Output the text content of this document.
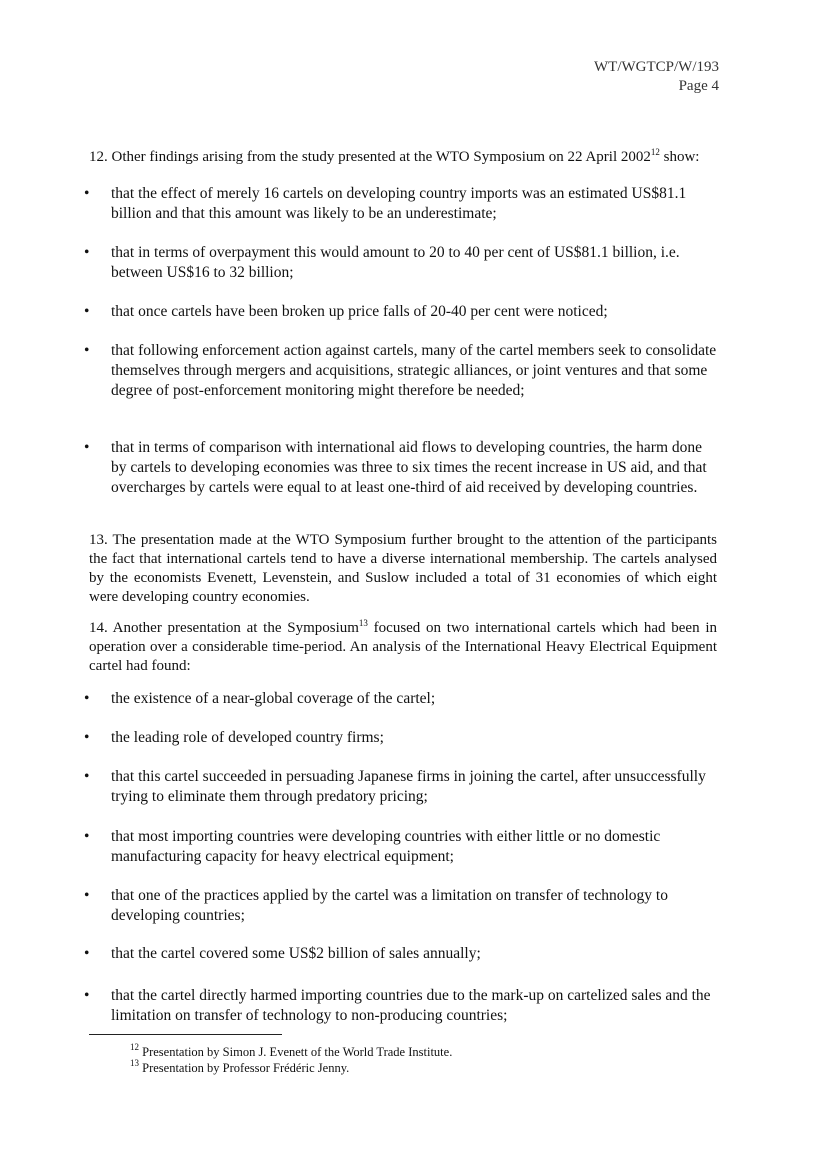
WT/WGTCP/W/193
Page 4
12. Other findings arising from the study presented at the WTO Symposium on 22 April 2002$^{12}$ show:
•	that the effect of merely 16 cartels on developing country imports was an estimated US$81.1 billion and that this amount was likely to be an underestimate;
•	that in terms of overpayment this would amount to 20 to 40 per cent of US$81.1 billion, i.e. between US$16 to 32 billion;
•	that once cartels have been broken up price falls of 20-40 per cent were noticed;
•	that following enforcement action against cartels, many of the cartel members seek to consolidate themselves through mergers and acquisitions, strategic alliances, or joint ventures and that some degree of post-enforcement monitoring might therefore be needed;
•	that in terms of comparison with international aid flows to developing countries, the harm done by cartels to developing economies was three to six times the recent increase in US aid, and that overcharges by cartels were equal to at least one-third of aid received by developing countries.
13. The presentation made at the WTO Symposium further brought to the attention of the participants the fact that international cartels tend to have a diverse international membership. The cartels analysed by the economists Evenett, Levenstein, and Suslow included a total of 31 economies of which eight were developing country economies.
14. Another presentation at the Symposium$^{13}$ focused on two international cartels which had been in operation over a considerable time-period. An analysis of the International Heavy Electrical Equipment cartel had found:
•	the existence of a near-global coverage of the cartel;
•	the leading role of developed country firms;
•	that this cartel succeeded in persuading Japanese firms in joining the cartel, after unsuccessfully trying to eliminate them through predatory pricing;
•	that most importing countries were developing countries with either little or no domestic manufacturing capacity for heavy electrical equipment;
•	that one of the practices applied by the cartel was a limitation on transfer of technology to developing countries;
•	that the cartel covered some US$2 billion of sales annually;
•	that the cartel directly harmed importing countries due to the mark-up on cartelized sales and the limitation on transfer of technology to non-producing countries;
$^{12}$ Presentation by Simon J. Evenett of the World Trade Institute.
$^{13}$ Presentation by Professor Frédéric Jenny.
